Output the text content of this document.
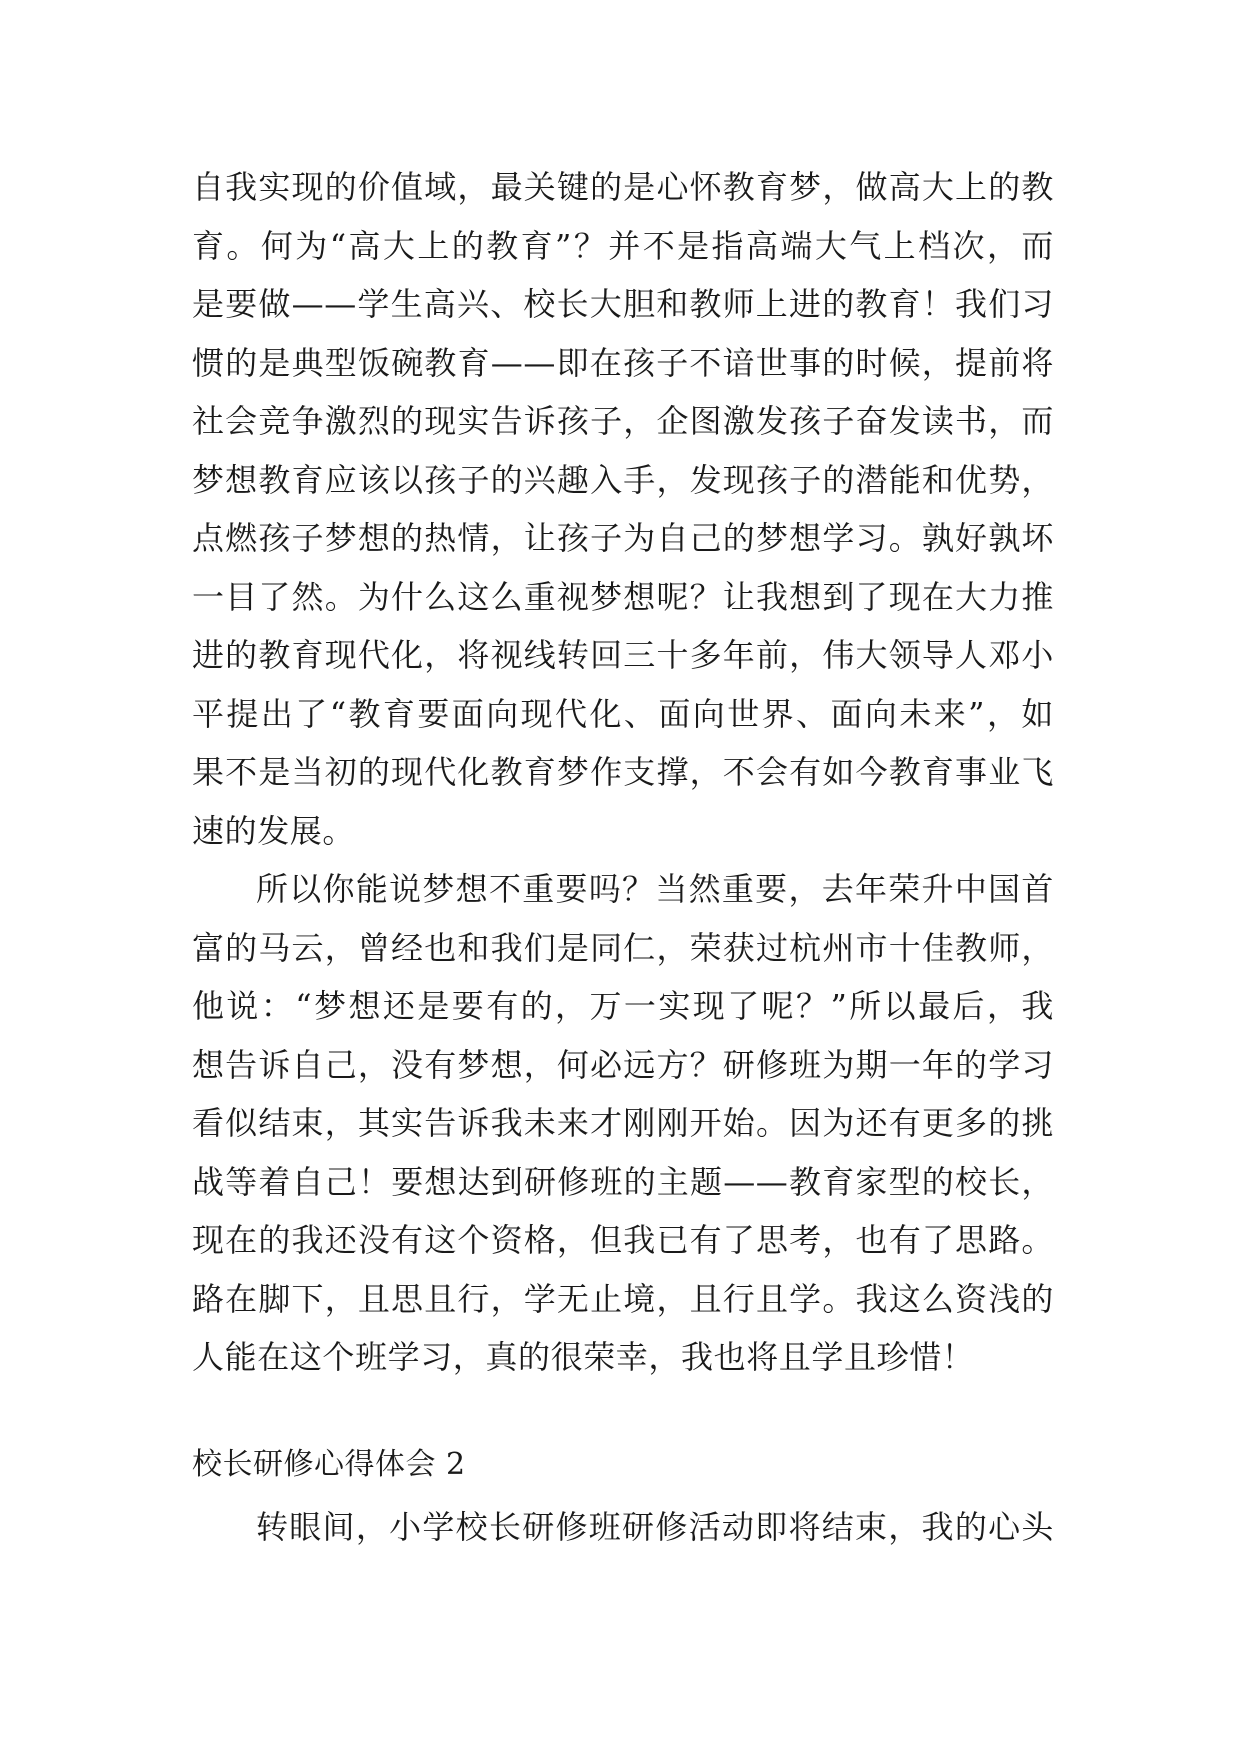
自我实现的价值域，最关键的是心怀教育梦，做高大上的教
育。何为“高大上的教育”？并不是指高端大气上档次，而
是要做——学生高兴、校长大胆和教师上进的教育！我们习
惯的是典型饭碗教育——即在孩子不谙世事的时候，提前将
社会竞争激烈的现实告诉孩子，企图激发孩子奋发读书，而
梦想教育应该以孩子的兴趣入手，发现孩子的潜能和优势，
点燃孩子梦想的热情，让孩子为自己的梦想学习。孰好孰坏
一目了然。为什么这么重视梦想呢？让我想到了现在大力推
进的教育现代化，将视线转回三十多年前，伟大领导人邓小
平提出了“教育要面向现代化、面向世界、面向未来”，如
果不是当初的现代化教育梦作支撑，不会有如今教育事业飞
速的发展。
所以你能说梦想不重要吗？当然重要，去年荣升中国首
富的马云，曾经也和我们是同仁，荣获过杭州市十佳教师，
他说：“梦想还是要有的，万一实现了呢？”所以最后，我
想告诉自己，没有梦想，何必远方？研修班为期一年的学习
看似结束，其实告诉我未来才刚刚开始。因为还有更多的挑
战等着自己！要想达到研修班的主题——教育家型的校长，
现在的我还没有这个资格，但我已有了思考，也有了思路。
路在脚下，且思且行，学无止境，且行且学。我这么资浅的
人能在这个班学习，真的很荣幸，我也将且学且珍惜！
校长研修心得体会 2
转眼间，小学校长研修班研修活动即将结束，我的心头
